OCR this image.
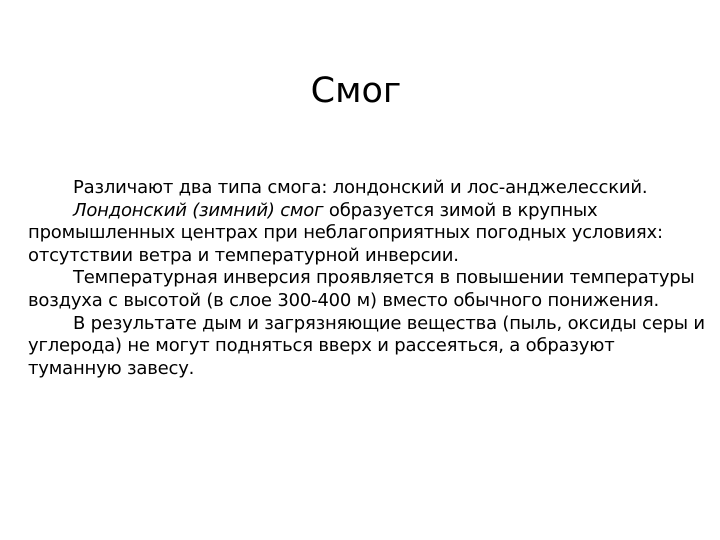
Смог

Различают два типа смога: лондонский и лос-анджелесский.

Лондонский (зимний) смог образуется зимой в крупных промышленных центрах при неблагоприятных погодных условиях: отсутствии ветра и температурной инверсии.

Температурная инверсия проявляется в повышении температуры воздуха с высотой (в слое 300-400 м) вместо обычного понижения.

В результате дым и загрязняющие вещества (пыль, оксиды серы и углерода) не могут подняться вверх и рассеяться, а образуют туманную завесу.
